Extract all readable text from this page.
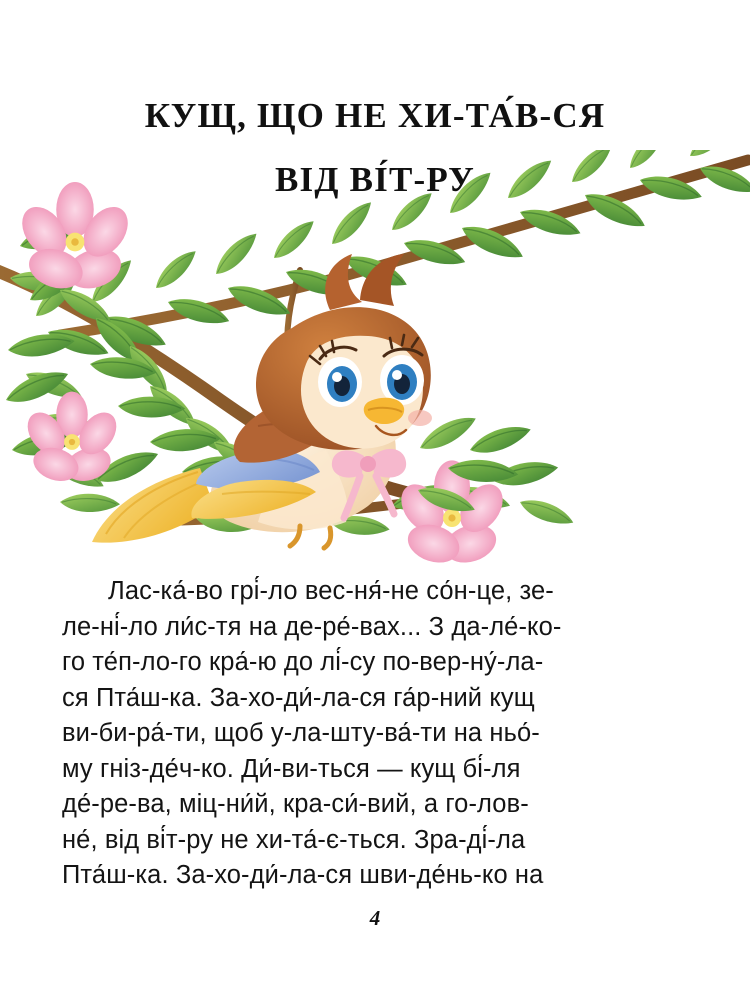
КУЩ, ЩО НЕ ХИ-ТА́В-СЯ
ВІД ВІ́Т-РУ

Лас-ка́-во грі́-ло вес-ня́-не со́н-це, зе-
ле-ні́-ло ли́с-тя на де-ре́-вах... З да-ле́-ко-
го те́п-ло-го кра́-ю до лі́-су по-вер-ну́-ла-
ся Пта́ш-ка. За-хо-ди́-ла-ся га́р-ний кущ
ви-би-ра́-ти, щоб у-ла-шту-ва́-ти на ньо́-
му гніз-де́ч-ко. Ди́-ви-ться — кущ бі́-ля
де́-ре-ва, міц-ни́й, кра-си́-вий, а го-лов-
не́, від ві́т-ру не хи-та́-є-ться. Зра-ді́-ла
Пта́ш-ка. За-хо-ди́-ла-ся шви-де́нь-ко на

4
